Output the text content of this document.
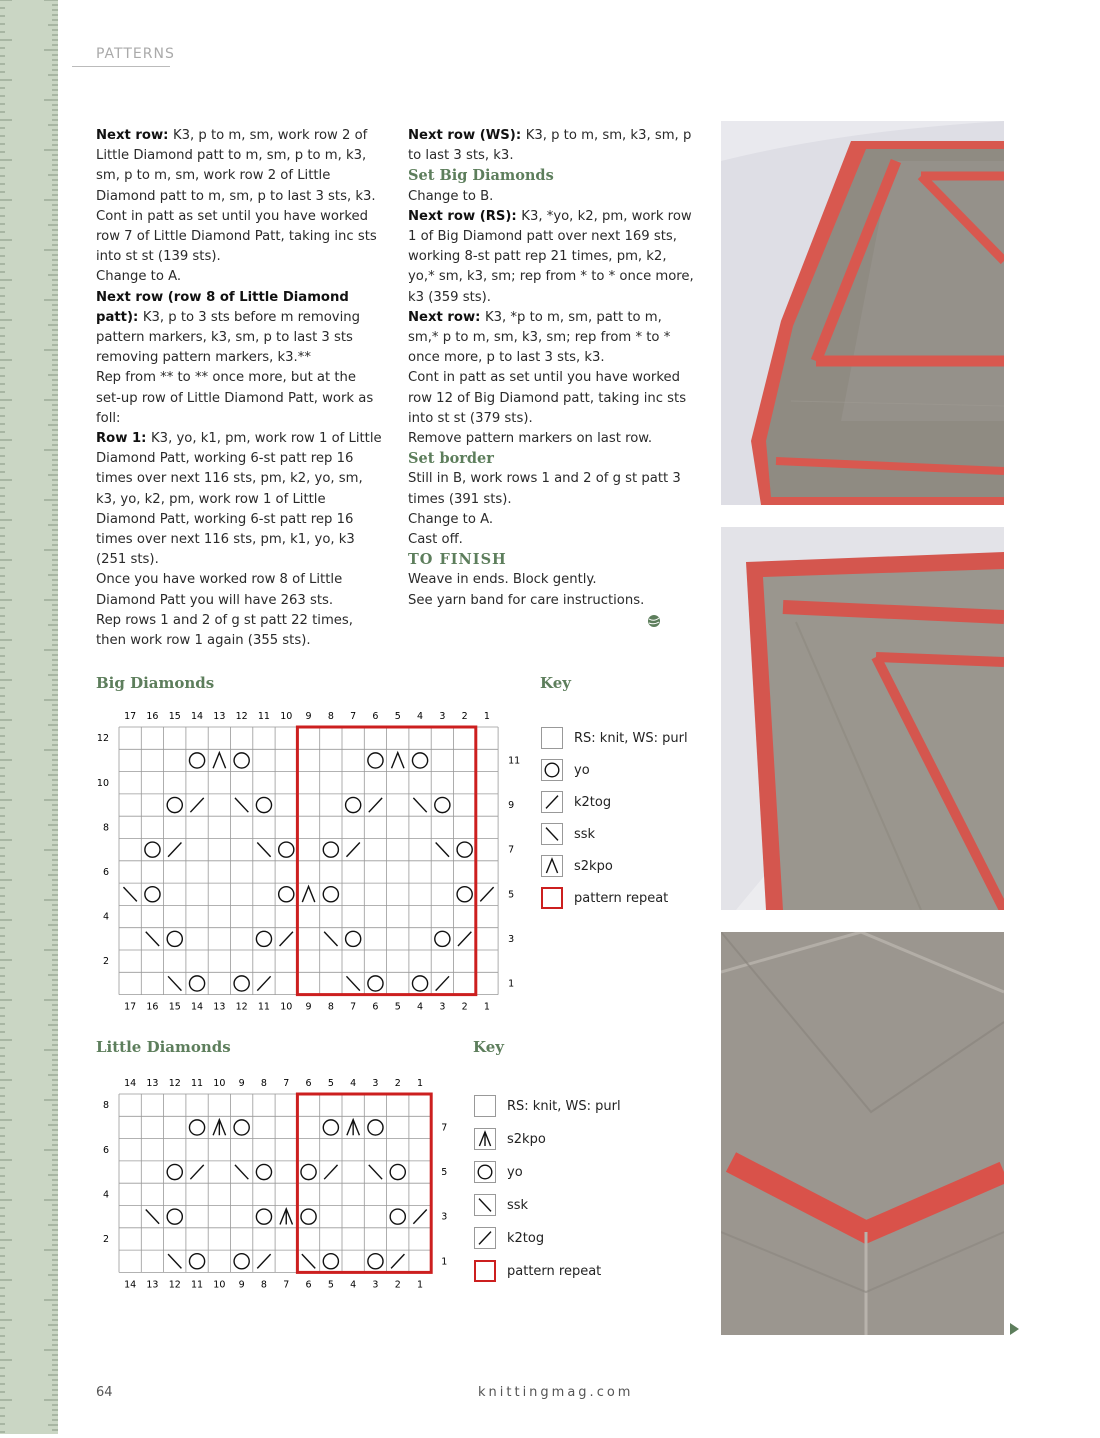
PATTERNS

Next row: K3, p to m, sm, work row 2 of Little Diamond patt to m, sm, p to m, k3, sm, p to m, sm, work row 2 of Little Diamond patt to m, sm, p to last 3 sts, k3.

Cont in patt as set until you have worked row 7 of Little Diamond Patt, taking inc sts into st st (139 sts).

Change to A.

Next row (row 8 of Little Diamond patt): K3, p to 3 sts before m removing pattern markers, k3, sm, p to last 3 sts removing pattern markers, k3.**

Rep from ** to ** once more, but at the set-up row of Little Diamond Patt, work as foll:

Row 1: K3, yo, k1, pm, work row 1 of Little Diamond Patt, working 6-st patt rep 16 times over next 116 sts, pm, k2, yo, sm, k3, yo, k2, pm, work row 1 of Little Diamond Patt, working 6-st patt rep 16 times over next 116 sts, pm, k1, yo, k3 (251 sts).

Once you have worked row 8 of Little Diamond Patt you will have 263 sts.

Rep rows 1 and 2 of g st patt 22 times, then work row 1 again (355 sts).

Next row (WS): K3, p to m, sm, k3, sm, p to last 3 sts, k3.

Set Big Diamonds

Change to B.

Next row (RS): K3, *yo, k2, pm, work row 1 of Big Diamond patt over next 169 sts, working 8-st patt rep 21 times, pm, k2, yo,* sm, k3, sm; rep from * to * once more, k3 (359 sts).

Next row: K3, *p to m, sm, patt to m, sm,* p to m, sm, k3, sm; rep from * to * once more, p to last 3 sts, k3.

Cont in patt as set until you have worked row 12 of Big Diamond patt, taking inc sts into st st (379 sts).

Remove pattern markers on last row.

Set border

Still in B, work rows 1 and 2 of g st patt 3 times (391 sts).

Change to A.

Cast off.

TO FINISH

Weave in ends. Block gently.

See yarn band for care instructions.

Big Diamonds
17
17
16
16
15
15
14
14
13
13
12
12
11
11
10
10
9
9
8
8
7
7
6
6
5
5
4
4
3
3
2
2
1
1
12
11
10
9
8
7
6
5
4
3
2
1
Key
RS: knit, WS: purl
yo
k2tog
ssk
s2kpo
pattern repeat
Little Diamonds
14
14
13
13
12
12
11
11
10
10
9
9
8
8
7
7
6
6
5
5
4
4
3
3
2
2
1
1
8
7
6
5
4
3
2
1
Key
RS: knit, WS: purl
s2kpo
yo
ssk
k2tog
pattern repeat
64	knittingmag.com
